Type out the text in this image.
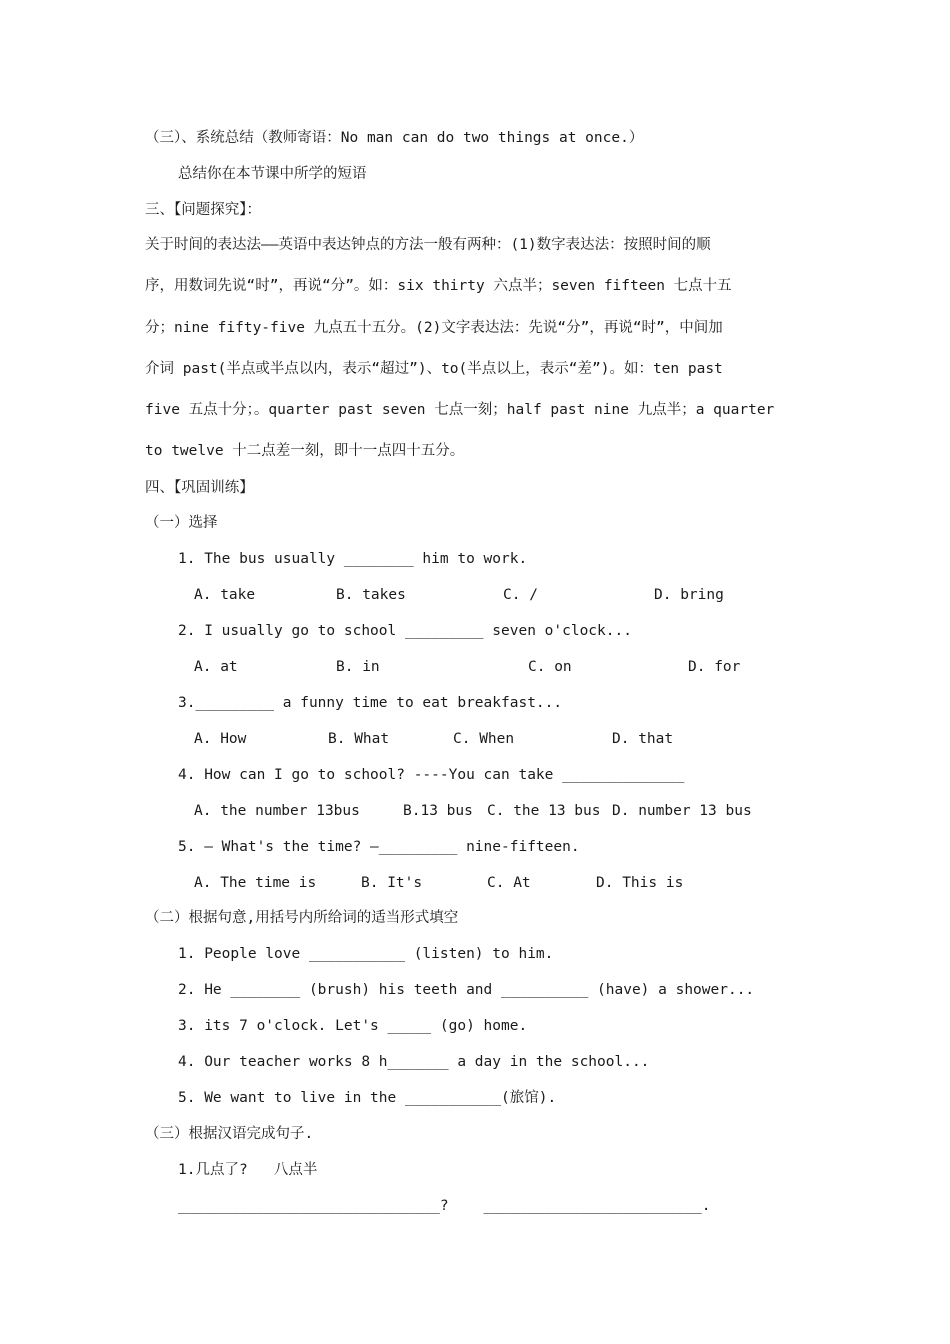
（三）、系统总结（教师寄语：No man can do two things at once.）
总结你在本节课中所学的短语
三、【问题探究】：
关于时间的表达法——英语中表达钟点的方法一般有两种：(1)数字表达法：按照时间的顺
序，用数词先说“时”，再说“分”。如：six thirty 六点半；seven fifteen 七点十五
分；nine fifty-five 九点五十五分。(2)文字表达法：先说“分”，再说“时”，中间加
介词 past(半点或半点以内，表示“超过”)、to(半点以上，表示“差”)。如：ten past
five 五点十分；。quarter past seven 七点一刻；half past nine 九点半；a quarter
to twelve 十二点差一刻，即十一点四十五分。
四、【巩固训练】
（一）选择
1. The bus usually ________ him to work.
A. take	B. takes	C. /	D. bring
2. I usually go to school _________ seven o'clock...
A. at	B. in	C. on	D. for
3._________ a funny time to eat breakfast...
A. How	B. What	C. When	D. that
4. How can I go to school? ----You can take ______________
A. the number 13bus	B.13 bus C. the 13 bus D. number 13 bus
5. — What's the time? —_________ nine-fifteen.
A. The time is	B. It's	C. At	D. This is
（二）根据句意,用括号内所给词的适当形式填空
1. People love ___________ (listen) to him.
2. He ________ (brush) his teeth and __________ (have) a shower...
3. its 7 o'clock. Let's _____ (go) home.
4. Our teacher works 8 h_______ a day in the school...
5. We want to live in the ___________(旅馆).
（三）根据汉语完成句子.
1.几点了?   八点半
______________________________?    _________________________.
